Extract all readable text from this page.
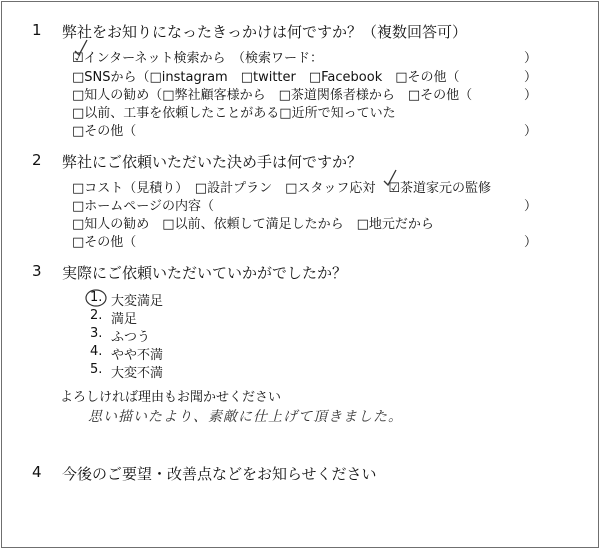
1 弊社をお知りになったきっかけは何ですか？（複数回答可）
☑インターネット検索から　（検索ワード：	）
□SNSから（□instagram　□twitter　□Facebook　□その他（	）
□知人の勧め（□弊社顧客様から　□茶道関係者様から　□その他（	）
□以前、工事を依頼したことがある□近所で知っていた
□その他（	）
2 弊社にご依頼いただいた決め手は何ですか？
□コスト（見積り）　□設計プラン　□スタッフ応対　☑茶道家元の監修
□ホームページの内容（	）
□知人の勧め　□以前、依頼して満足したから　□地元だから
□その他（	）
3 実際にご依頼いただいていかがでしたか？
1. 大変満足
2. 満足
3. ふつう
4. やや不満
5. 大変不満
よろしければ理由もお聞かせください
思い描いたより、素敵に仕上げて頂きました。
4 今後のご要望・改善点などをお知らせください
